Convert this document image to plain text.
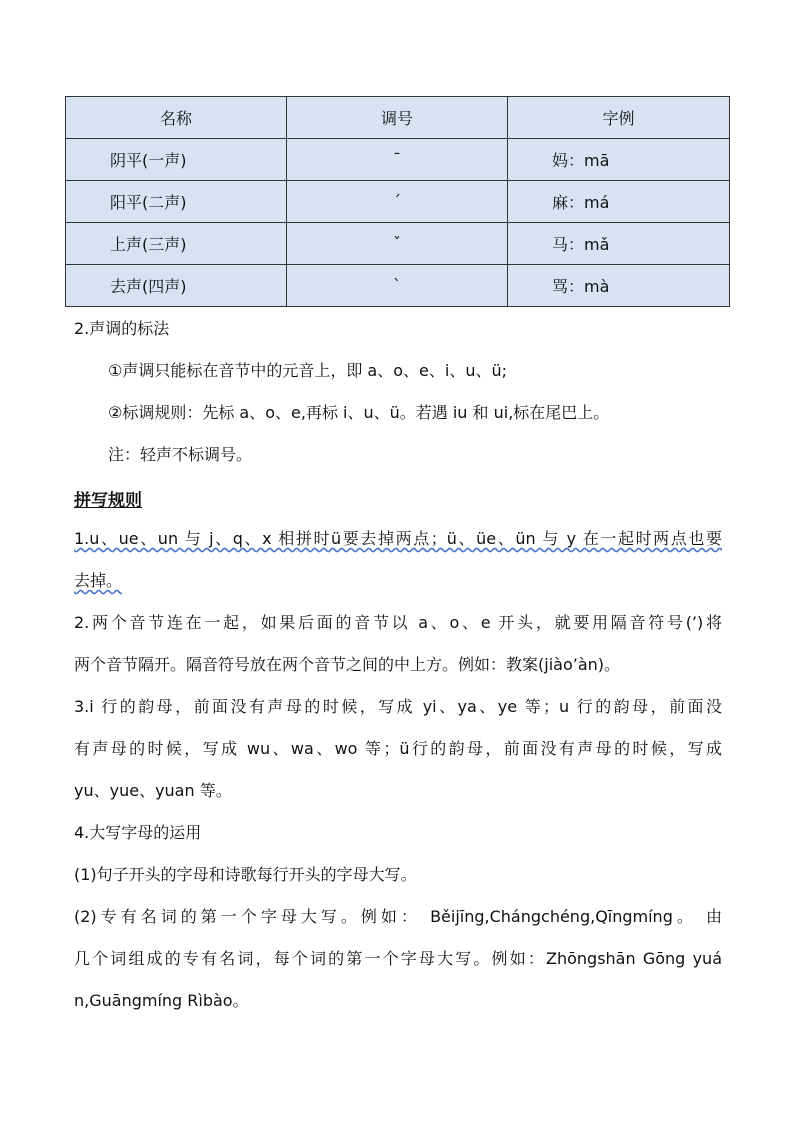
名称	调号	字例
阴平(一声)	ˉ	妈：mā
阳平(二声)	ˊ	麻：má
上声(三声)	ˇ	马：mǎ
去声(四声)	ˋ	骂：mà
2.声调的标法
①声调只能标在音节中的元音上，即 a、o、e、i、u、ü;
②标调规则：先标 a、o、e,再标 i、u、ü。若遇 iu 和 ui,标在尾巴上。
注：轻声不标调号。
拼写规则
1.u、ue、un 与 j、q、x 相拼时ü要去掉两点；ü、üe、ün 与 y 在一起时两点也要
去掉。
2.两个音节连在一起，如果后面的音节以 a、o、e 开头，就要用隔音符号(’)将
两个音节隔开。隔音符号放在两个音节之间的中上方。例如：教案(jiào’àn)。
3.i 行的韵母，前面没有声母的时候，写成 yi、ya、ye 等；u 行的韵母，前面没
有声母的时候，写成 wu、wa、wo 等；ü行的韵母，前面没有声母的时候，写成
yu、yue、yuan 等。
4.大写字母的运用
(1)句子开头的字母和诗歌每行开头的字母大写。
(2)专有名词的第一个字母大写。例如： Běijīng,Chángchéng,Qīngmíng。 由
几个词组成的专有名词，每个词的第一个字母大写。例如：Zhōngshān Gōng yuá
n,Guāngmíng Rìbào。
